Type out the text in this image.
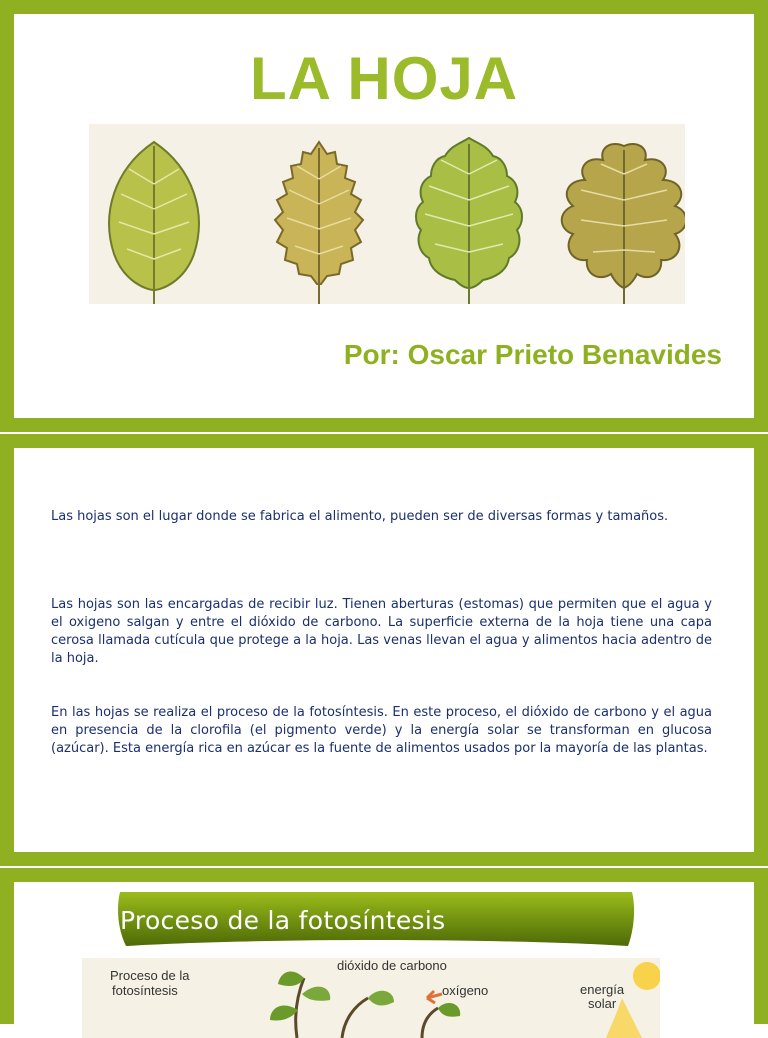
LA HOJA
Por: Oscar Prieto Benavides

Las hojas son el lugar donde se fabrica el alimento, pueden ser de diversas formas y tamaños.

Las hojas son las encargadas de recibir luz. Tienen aberturas (estomas) que permiten que el agua y el oxigeno salgan y entre el dióxido de carbono. La superficie externa de la hoja tiene una capa cerosa llamada cutícula que protege a la hoja. Las venas llevan el agua y alimentos hacia adentro de la hoja.

En las hojas se realiza el proceso de la fotosíntesis. En este proceso, el dióxido de carbono y el agua en presencia de la clorofila (el pigmento verde) y la energía solar se transforman en glucosa (azúcar). Esta energía rica en azúcar es la fuente de alimentos usados por la mayoría de las plantas.

Proceso de la fotosíntesis
Proceso de la
fotosíntesis
dióxido de carbono
oxígeno	energía
solar
